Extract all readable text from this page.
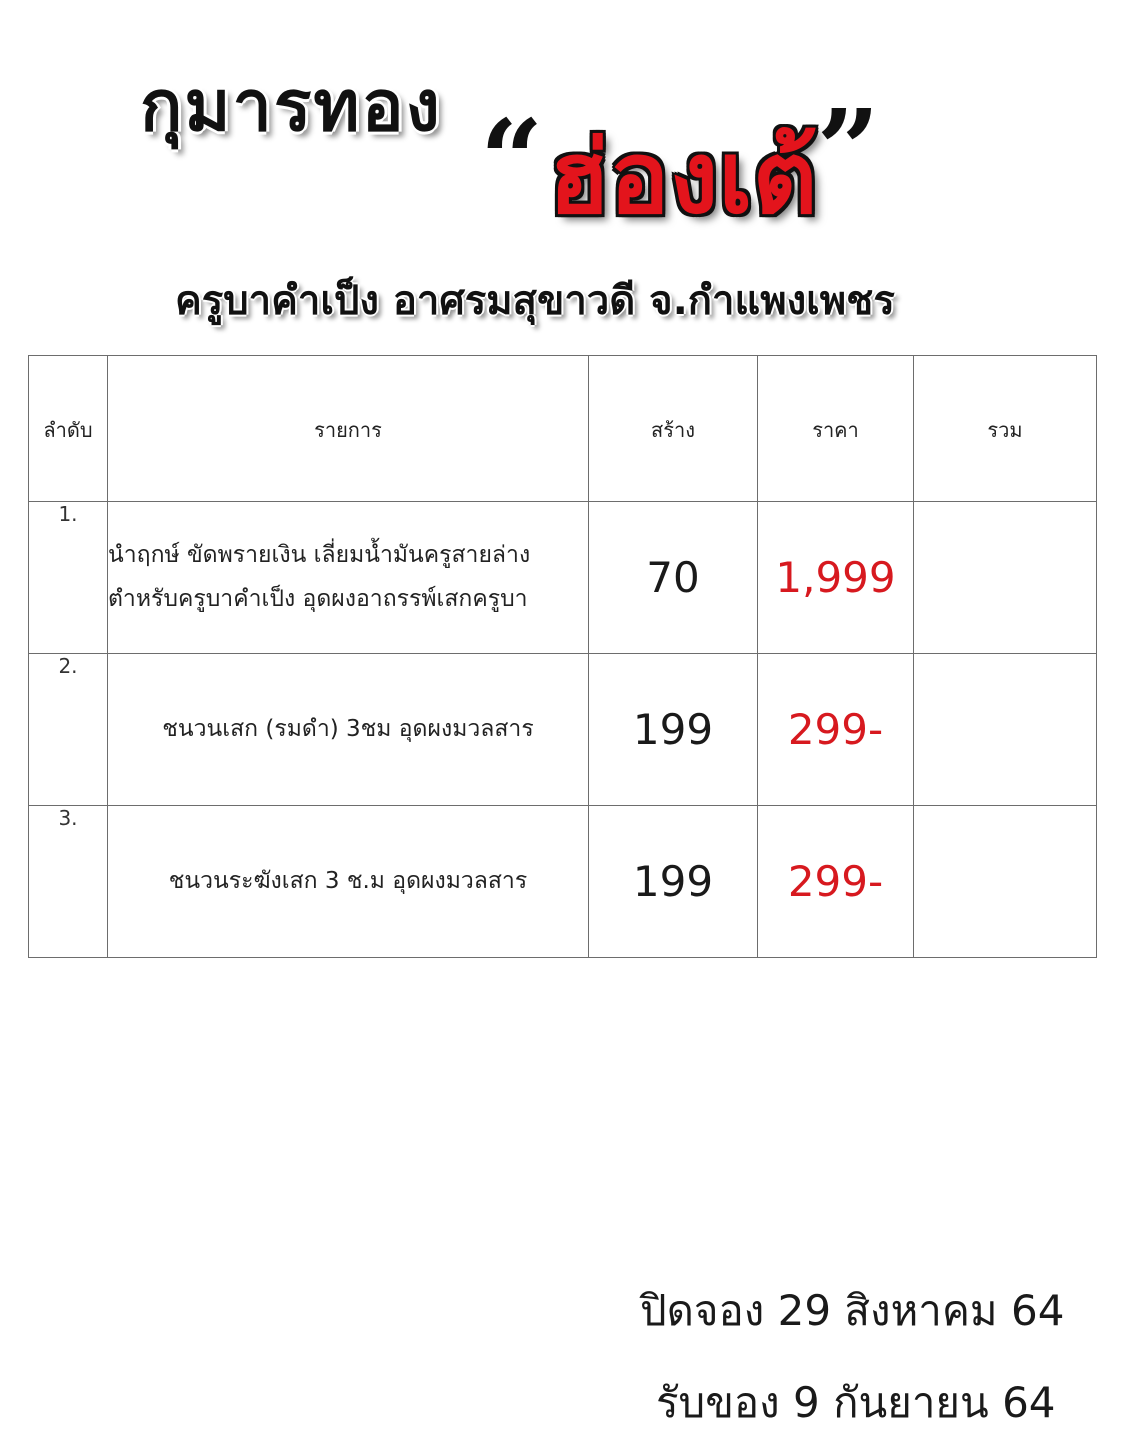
กุมารทอง “ ฮ่องเต้ ”
ครูบาคำเป็ง อาศรมสุขาวดี จ.กำแพงเพชร
ลำดับ	รายการ	สร้าง	ราคา	รวม
1.	นำฤกษ์ ขัดพรายเงิน เลี่ยมน้ำมันครูสายล่าง
ตำหรับครูบาคำเป็ง อุดผงอาถรรพ์เสกครูบา	70	1,999	
2.	ชนวนเสก (รมดำ) 3ชม อุดผงมวลสาร	199	299-	
3.	ชนวนระฆังเสก 3 ช.ม อุดผงมวลสาร	199	299-	
ปิดจอง 29 สิงหาคม 64
รับของ 9 กันยายน 64
